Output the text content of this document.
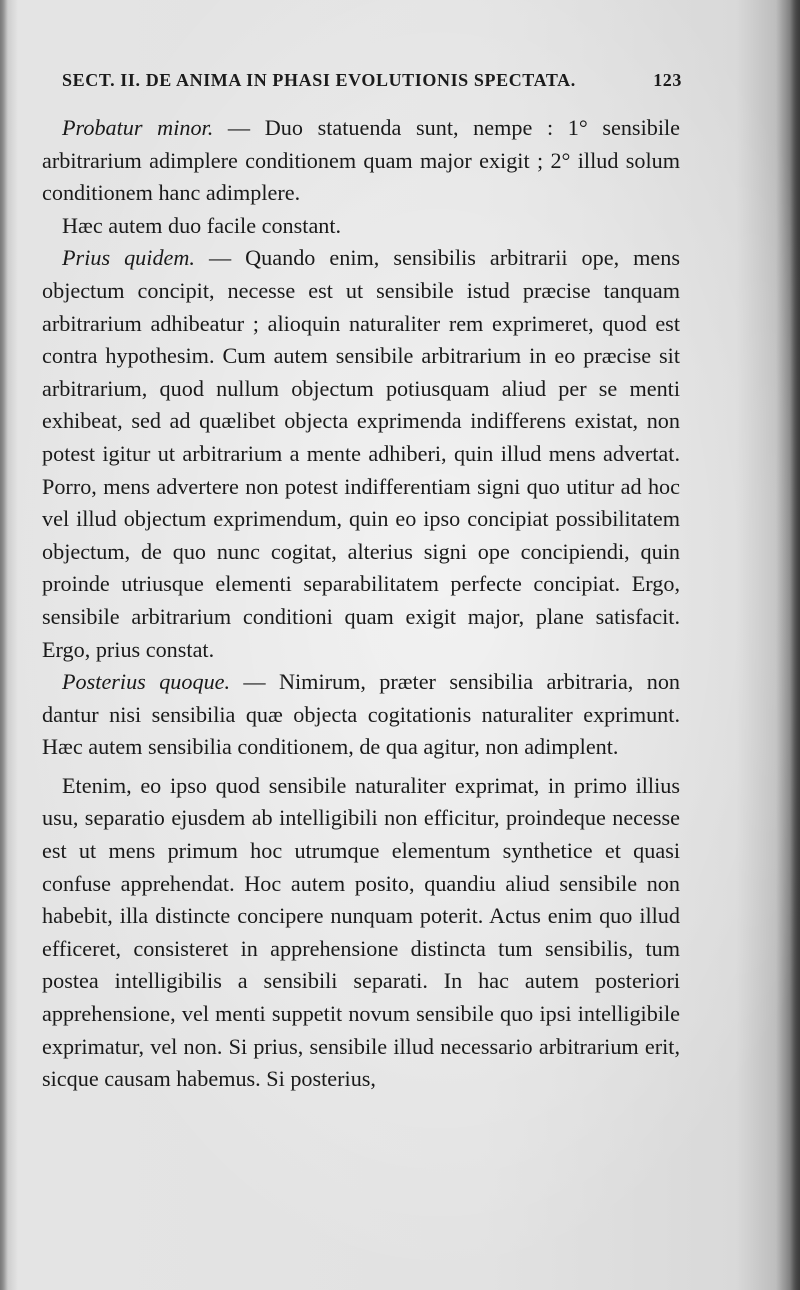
SECT. II. DE ANIMA IN PHASI EVOLUTIONIS SPECTATA.	123

Probatur minor. — Duo statuenda sunt, nempe : 1° sensibile arbitrarium adimplere conditionem quam major exigit ; 2° illud solum conditionem hanc adimplere.

Hæc autem duo facile constant.

Prius quidem. — Quando enim, sensibilis arbitrarii ope, mens objectum concipit, necesse est ut sensibile istud præcise tanquam arbitrarium adhibeatur ; alioquin naturaliter rem exprimeret, quod est contra hypothesim. Cum autem sensibile arbitrarium in eo præcise sit arbitrarium, quod nullum objectum potiusquam aliud per se menti exhibeat, sed ad quælibet objecta exprimenda indifferens existat, non potest igitur ut arbitrarium a mente adhiberi, quin illud mens advertat. Porro, mens advertere non potest indifferentiam signi quo utitur ad hoc vel illud objectum exprimendum, quin eo ipso concipiat possibilitatem objectum, de quo nunc cogitat, alterius signi ope concipiendi, quin proinde utriusque elementi separabilitatem perfecte concipiat. Ergo, sensibile arbitrarium conditioni quam exigit major, plane satisfacit. Ergo, prius constat.

Posterius quoque. — Nimirum, præter sensibilia arbitraria, non dantur nisi sensibilia quæ objecta cogitationis naturaliter exprimunt. Hæc autem sensibilia conditionem, de qua agitur, non adimplent.

Etenim, eo ipso quod sensibile naturaliter exprimat, in primo illius usu, separatio ejusdem ab intelligibili non efficitur, proindeque necesse est ut mens primum hoc utrumque elementum synthetice et quasi confuse apprehendat. Hoc autem posito, quandiu aliud sensibile non habebit, illa distincte concipere nunquam poterit. Actus enim quo illud efficeret, consisteret in apprehensione distincta tum sensibilis, tum postea intelligibilis a sensibili separati. In hac autem posteriori apprehensione, vel menti suppetit novum sensibile quo ipsi intelligibile exprimatur, vel non. Si prius, sensibile illud necessario arbitrarium erit, sicque causam habemus. Si posterius,
